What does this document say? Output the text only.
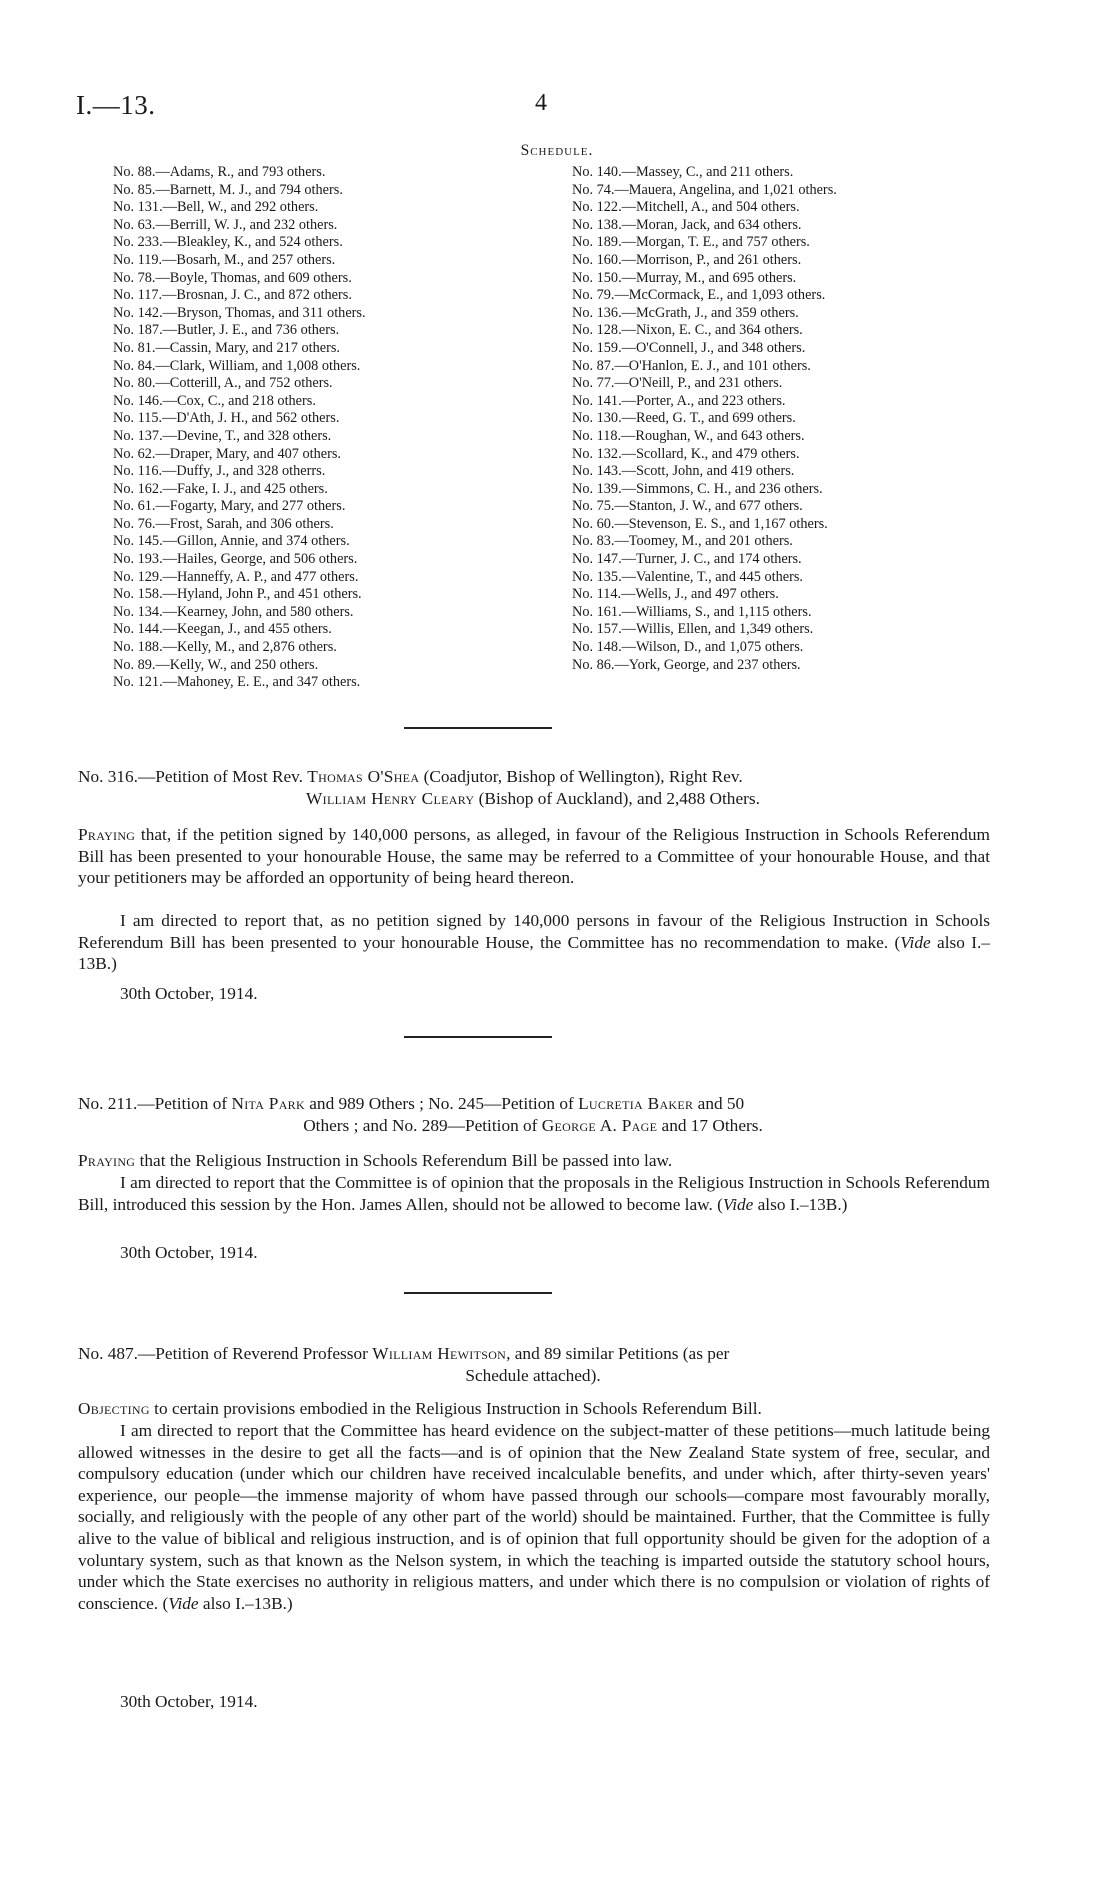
I.—13.	4
Schedule.
No. 88.—Adams, R., and 793 others.
No. 85.—Barnett, M. J., and 794 others.
No. 131.—Bell, W., and 292 others.
No. 63.—Berrill, W. J., and 232 others.
No. 233.—Bleakley, K., and 524 others.
No. 119.—Bosarh, M., and 257 others.
No. 78.—Boyle, Thomas, and 609 others.
No. 117.—Brosnan, J. C., and 872 others.
No. 142.—Bryson, Thomas, and 311 others.
No. 187.—Butler, J. E., and 736 others.
No. 81.—Cassin, Mary, and 217 others.
No. 84.—Clark, William, and 1,008 others.
No. 80.—Cotterill, A., and 752 others.
No. 146.—Cox, C., and 218 others.
No. 115.—D'Ath, J. H., and 562 others.
No. 137.—Devine, T., and 328 others.
No. 62.—Draper, Mary, and 407 others.
No. 116.—Duffy, J., and 328 otherrs.
No. 162.—Fake, I. J., and 425 others.
No. 61.—Fogarty, Mary, and 277 others.
No. 76.—Frost, Sarah, and 306 others.
No. 145.—Gillon, Annie, and 374 others.
No. 193.—Hailes, George, and 506 others.
No. 129.—Hanneffy, A. P., and 477 others.
No. 158.—Hyland, John P., and 451 others.
No. 134.—Kearney, John, and 580 others.
No. 144.—Keegan, J., and 455 others.
No. 188.—Kelly, M., and 2,876 others.
No. 89.—Kelly, W., and 250 others.
No. 121.—Mahoney, E. E., and 347 others.
No. 140.—Massey, C., and 211 others.
No. 74.—Mauera, Angelina, and 1,021 others.
No. 122.—Mitchell, A., and 504 others.
No. 138.—Moran, Jack, and 634 others.
No. 189.—Morgan, T. E., and 757 others.
No. 160.—Morrison, P., and 261 others.
No. 150.—Murray, M., and 695 others.
No. 79.—McCormack, E., and 1,093 others.
No. 136.—McGrath, J., and 359 others.
No. 128.—Nixon, E. C., and 364 others.
No. 159.—O'Connell, J., and 348 others.
No. 87.—O'Hanlon, E. J., and 101 others.
No. 77.—O'Neill, P., and 231 others.
No. 141.—Porter, A., and 223 others.
No. 130.—Reed, G. T., and 699 others.
No. 118.—Roughan, W., and 643 others.
No. 132.—Scollard, K., and 479 others.
No. 143.—Scott, John, and 419 others.
No. 139.—Simmons, C. H., and 236 others.
No. 75.—Stanton, J. W., and 677 others.
No. 60.—Stevenson, E. S., and 1,167 others.
No. 83.—Toomey, M., and 201 others.
No. 147.—Turner, J. C., and 174 others.
No. 135.—Valentine, T., and 445 others.
No. 114.—Wells, J., and 497 others.
No. 161.—Williams, S., and 1,115 others.
No. 157.—Willis, Ellen, and 1,349 others.
No. 148.—Wilson, D., and 1,075 others.
No. 86.—York, George, and 237 others.
No. 316.—Petition of Most Rev. Thomas O'Shea (Coadjutor, Bishop of Wellington), Right Rev.
William Henry Cleary (Bishop of Auckland), and 2,488 Others.
Praying that, if the petition signed by 140,000 persons, as alleged, in favour of the Religious Instruction in Schools Referendum Bill has been presented to your honourable House, the same may be referred to a Committee of your honourable House, and that your petitioners may be afforded an opportunity of being heard thereon.
I am directed to report that, as no petition signed by 140,000 persons in favour of the Religious Instruction in Schools Referendum Bill has been presented to your honourable House, the Committee has no recommendation to make. (Vide also I.–13B.)
30th October, 1914.
No. 211.—Petition of Nita Park and 989 Others ; No. 245—Petition of Lucretia Baker and 50
Others ; and No. 289—Petition of George A. Page and 17 Others.
Praying that the Religious Instruction in Schools Referendum Bill be passed into law.
I am directed to report that the Committee is of opinion that the proposals in the Religious Instruction in Schools Referendum Bill, introduced this session by the Hon. James Allen, should not be allowed to become law. (Vide also I.–13B.)
30th October, 1914.
No. 487.—Petition of Reverend Professor William Hewitson, and 89 similar Petitions (as per
Schedule attached).
Objecting to certain provisions embodied in the Religious Instruction in Schools Referendum Bill.
I am directed to report that the Committee has heard evidence on the subject-matter of these petitions—much latitude being allowed witnesses in the desire to get all the facts—and is of opinion that the New Zealand State system of free, secular, and compulsory education (under which our children have received incalculable benefits, and under which, after thirty-seven years' experience, our people—the immense majority of whom have passed through our schools—compare most favourably morally, socially, and religiously with the people of any other part of the world) should be maintained. Further, that the Committee is fully alive to the value of biblical and religious instruction, and is of opinion that full opportunity should be given for the adoption of a voluntary system, such as that known as the Nelson system, in which the teaching is imparted outside the statutory school hours, under which the State exercises no authority in religious matters, and under which there is no compulsion or violation of rights of conscience. (Vide also I.–13B.)
30th October, 1914.
